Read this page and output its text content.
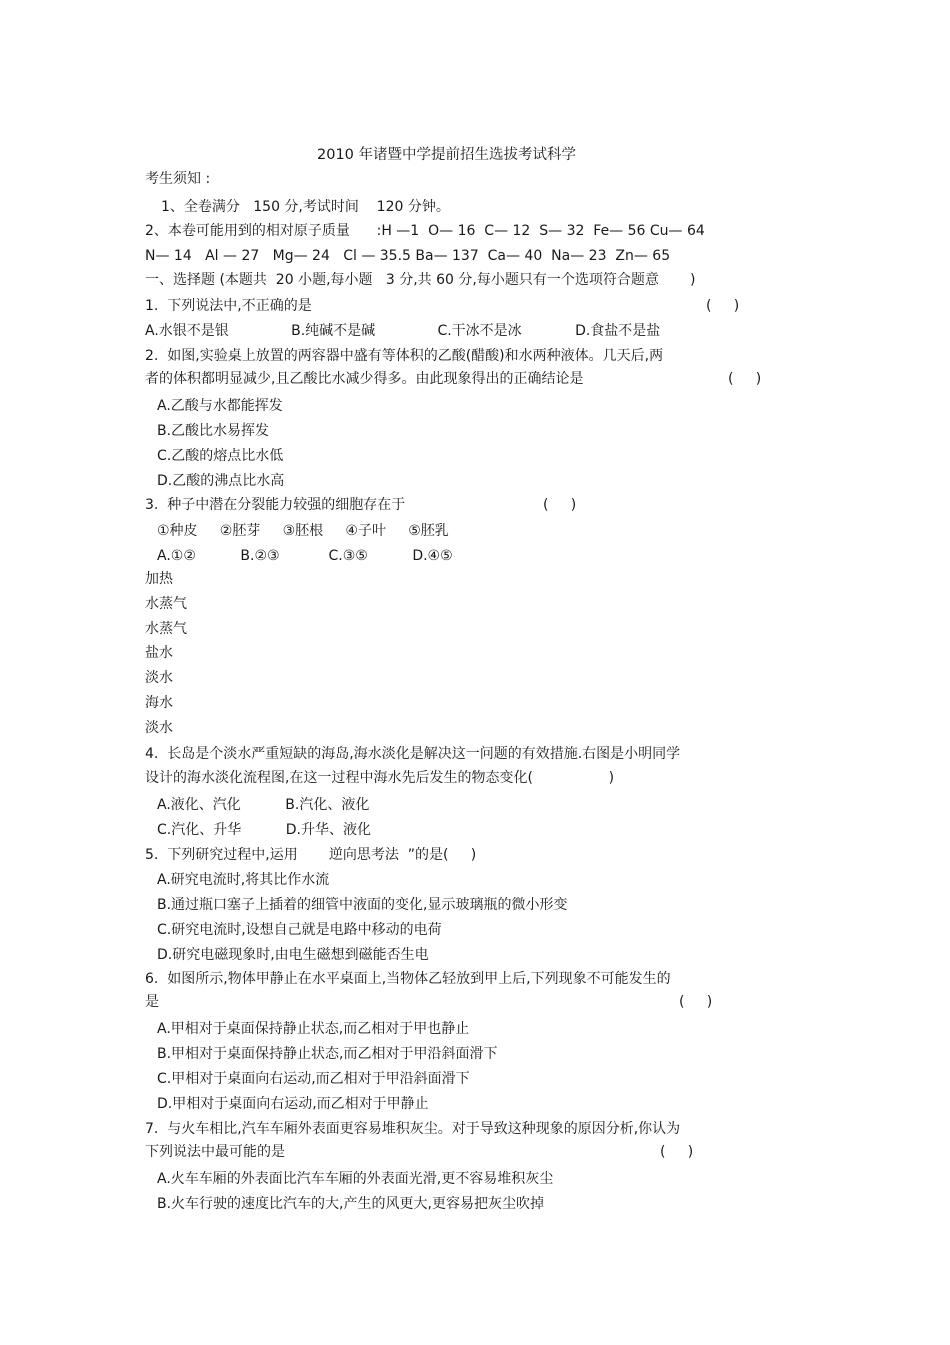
2010 年诸暨中学提前招生选拔考试科学
考生须知 :
1、全卷满分   150 分,考试时间    120 分钟。
2、本卷可能用到的相对原子质量      :H —1  O— 16  C— 12  S— 32  Fe— 56 Cu— 64
N— 14   Al — 27   Mg— 24   Cl — 35.5 Ba— 137  Ca— 40  Na— 23  Zn— 65
一、选择题 (本题共  20 小题,每小题   3 分,共 60 分,每小题只有一个选项符合题意       )
1.  下列说法中,不正确的是	(     )
A.水银不是银              B.纯碱不是碱              C.干冰不是冰            D.食盐不是盐
2.  如图,实验桌上放置的两容器中盛有等体积的乙酸(醋酸)和水两种液体。几天后,两
者的体积都明显减少,且乙酸比水减少得多。由此现象得出的正确结论是	(     )
A.乙酸与水都能挥发
B.乙酸比水易挥发
C.乙酸的熔点比水低
D.乙酸的沸点比水高
3.  种子中潜在分裂能力较强的细胞存在于	(     )
①种皮     ②胚芽     ③胚根     ④子叶     ⑤胚乳
A.①②          B.②③           C.③⑤          D.④⑤
加热
水蒸气
水蒸气
盐水
淡水
海水
淡水
4.  长岛是个淡水严重短缺的海岛,海水淡化是解决这一问题的有效措施.右图是小明同学
设计的海水淡化流程图,在这一过程中海水先后发生的物态变化(                 )
A.液化、汽化          B.汽化、液化
C.汽化、升华          D.升华、液化
5.  下列研究过程中,运用       逆向思考法  ”的是(     )
A.研究电流时,将其比作水流
B.通过瓶口塞子上插着的细管中液面的变化,显示玻璃瓶的微小形变
C.研究电流时,设想自己就是电路中移动的电荷
D.研究电磁现象时,由电生磁想到磁能否生电
6.  如图所示,物体甲静止在水平桌面上,当物体乙轻放到甲上后,下列现象不可能发生的
是	(     )
A.甲相对于桌面保持静止状态,而乙相对于甲也静止
B.甲相对于桌面保持静止状态,而乙相对于甲沿斜面滑下
C.甲相对于桌面向右运动,而乙相对于甲沿斜面滑下
D.甲相对于桌面向右运动,而乙相对于甲静止
7.  与火车相比,汽车车厢外表面更容易堆积灰尘。对于导致这种现象的原因分析,你认为
下列说法中最可能的是	(     )
A.火车车厢的外表面比汽车车厢的外表面光滑,更不容易堆积灰尘
B.火车行驶的速度比汽车的大,产生的风更大,更容易把灰尘吹掉
